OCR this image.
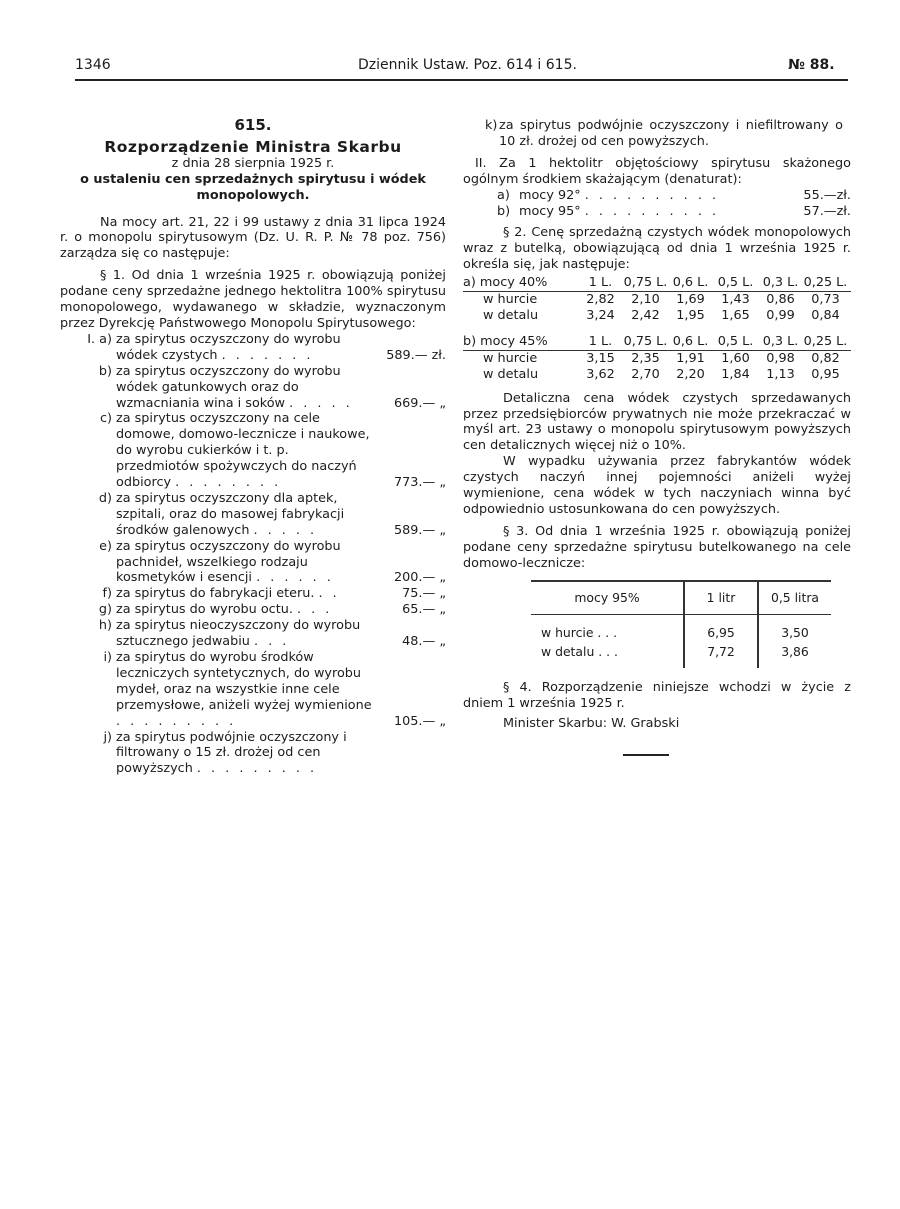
1346	Dziennik Ustaw. Poz. 614 i 615.	№ 88.
615.
Rozporządzenie Ministra Skarbu
z dnia 28 sierpnia 1925 r.
o ustaleniu cen sprzedażnych spirytusu i wódek monopolowych.
Na mocy art. 21, 22 i 99 ustawy z dnia 31 lipca 1924 r. o monopolu spirytusowym (Dz. U. R. P. № 78 poz. 756) zarządza się co następuje:
§ 1. Od dnia 1 września 1925 r. obowiązują poniżej podane ceny sprzedażne jednego hektolitra 100% spirytusu monopolowego, wydawanego w składzie, wyznaczonym przez Dyrekcję Państwowego Monopolu Spirytusowego:
I. a) za spirytus oczyszczony do wyrobu wódek czystych . . . . . . .	589.— zł.
b) za spirytus oczyszczony do wyrobu wódek gatunkowych oraz do wzmacniania wina i soków . . . . .	669.— „
c) za spirytus oczyszczony na cele domowe, domowo-lecznicze i naukowe, do wyrobu cukierków i t. p. przedmiotów spożywczych do naczyń odbiorcy . . . . . . . .	773.— „
d) za spirytus oczyszczony dla aptek, szpitali, oraz do masowej fabrykacji środków galenowych . . . . .	589.— „
e) za spirytus oczyszczony do wyrobu pachnideł, wszelkiego rodzaju kosmetyków i esencji . . . . . .	200.— „
f) za spirytus do fabrykacji eteru. . .	75.— „
g) za spirytus do wyrobu octu. . . .	65.— „
h) za spirytus nieoczyszczony do wyrobu sztucznego jedwabiu . . .	48.— „
i) za spirytus do wyrobu środków leczniczych syntetycznych, do wyrobu mydeł, oraz na wszystkie inne cele przemysłowe, aniżeli wyżej wymienione . . . . . . . . .	105.— „
j) za spirytus podwójnie oczyszczony i filtrowany o 15 zł. drożej od cen powyższych . . . . . . . . .
k) za spirytus podwójnie oczyszczony i niefiltrowany o 10 zł. drożej od cen powyższych.
II. Za 1 hektolitr objętościowy spirytusu skażonego ogólnym środkiem skażającym (denaturat):
a) mocy 92° . . . . . . . . . .	55.—zł.
b) mocy 95° . . . . . . . . . .	57.—zł.
§ 2. Cenę sprzedażną czystych wódek monopolowych wraz z butelką, obowiązującą od dnia 1 września 1925 r. określa się, jak następuje:
a) mocy 40%	1 L. 0,75 L. 0,6 L. 0,5 L. 0,3 L. 0,25 L.
w hurcie	2,82	2,10	1,69	1,43	0,86	0,73
w detalu	3,24	2,42	1,95	1,65	0,99	0,84
b) mocy 45%	1 L. 0,75 L. 0,6 L. 0,5 L. 0,3 L. 0,25 L.
w hurcie	3,15	2,35	1,91	1,60	0,98	0,82
w detalu	3,62	2,70	2,20	1,84	1,13	0,95
Detaliczna cena wódek czystych sprzedawanych przez przedsiębiorców prywatnych nie może przekraczać w myśl art. 23 ustawy o monopolu spirytusowym powyższych cen detalicznych więcej niż o 10%.
W wypadku używania przez fabrykantów wódek czystych naczyń innej pojemności aniżeli wyżej wymienione, cena wódek w tych naczyniach winna być odpowiednio ustosunkowana do cen powyższych.
§ 3. Od dnia 1 września 1925 r. obowiązują poniżej podane ceny sprzedażne spirytusu butelkowanego na cele domowo-lecznicze:
mocy 95%	1 litr	0,5 litra
w hurcie . . .	6,95	3,50
w detalu . . .	7,72	3,86
§ 4. Rozporządzenie niniejsze wchodzi w życie z dniem 1 września 1925 r.
Minister Skarbu: W. Grabski
